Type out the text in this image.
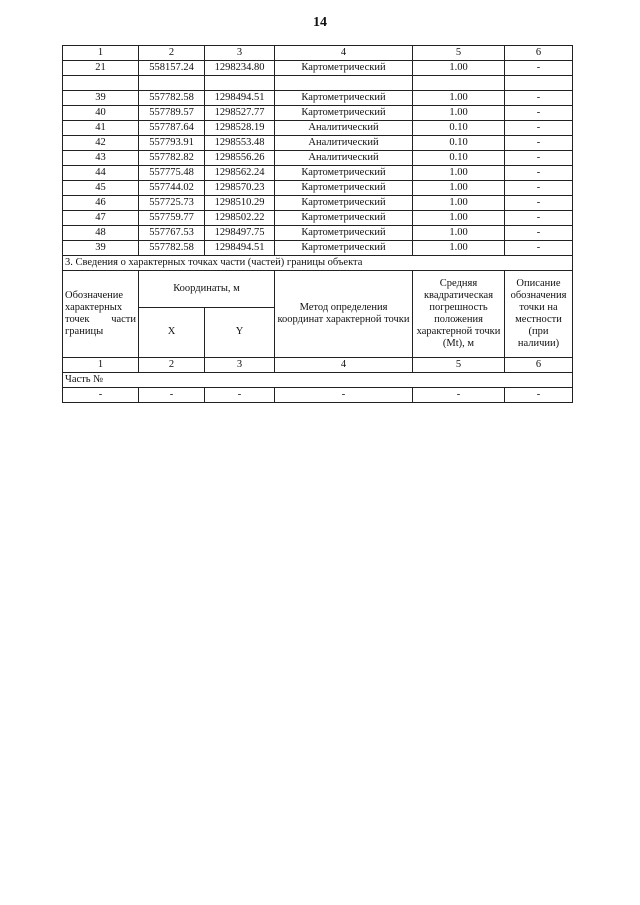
14
1	2	3	4	5	6
21	558157.24	1298234.80	Картометрический	1.00	-

39	557782.58	1298494.51	Картометрический	1.00	-
40	557789.57	1298527.77	Картометрический	1.00	-
41	557787.64	1298528.19	Аналитический	0.10	-
42	557793.91	1298553.48	Аналитический	0.10	-
43	557782.82	1298556.26	Аналитический	0.10	-
44	557775.48	1298562.24	Картометрический	1.00	-
45	557744.02	1298570.23	Картометрический	1.00	-
46	557725.73	1298510.29	Картометрический	1.00	-
47	557759.77	1298502.22	Картометрический	1.00	-
48	557767.53	1298497.75	Картометрический	1.00	-
39	557782.58	1298494.51	Картометрический	1.00	-
3. Сведения о характерных точках части (частей) границы объекта					

Обозначение
характерных
точек части
границы	Координаты, м		Метод определения координат характерной точки	Средняя квадратическая погрешность положения характерной точки (Mt), м	Описание обозначения точки на местности (при наличии)
	X	Y			
1	2	3	4	5	6
Часть №					
-	-	-	-	-	-
